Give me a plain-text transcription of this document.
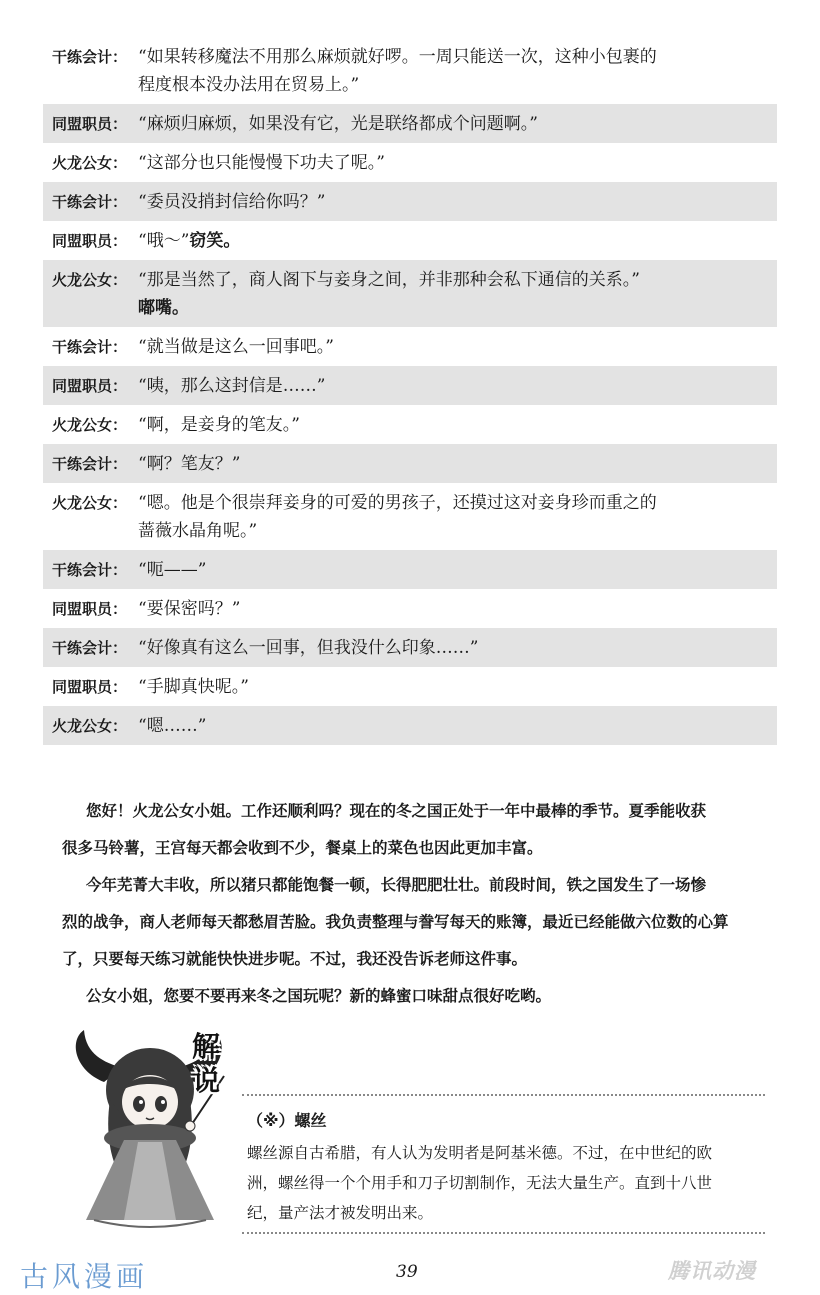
干练会计： “如果转移魔法不用那么麻烦就好啰。一周只能送一次，这种小包裹的
程度根本没办法用在贸易上。”
同盟职员： “麻烦归麻烦，如果没有它，光是联络都成个问题啊。”
火龙公女： “这部分也只能慢慢下功夫了呢。”
干练会计： “委员没捎封信给你吗？”
同盟职员： “哦～”窃笑。
火龙公女： “那是当然了，商人阁下与妾身之间，并非那种会私下通信的关系。”
嘟嘴。
干练会计： “就当做是这么一回事吧。”
同盟职员： “咦，那么这封信是……”
火龙公女： “啊，是妾身的笔友。”
干练会计： “啊？笔友？”
火龙公女： “嗯。他是个很崇拜妾身的可爱的男孩子，还摸过这对妾身珍而重之的
蔷薇水晶角呢。”
干练会计： “呃——”
同盟职员： “要保密吗？”
干练会计： “好像真有这么一回事，但我没什么印象……”
同盟职员： “手脚真快呢。”
火龙公女： “嗯……”

您好！火龙公女小姐。工作还顺利吗？现在的冬之国正处于一年中最棒的季节。夏季能收获

很多马铃薯，王宫每天都会收到不少，餐桌上的菜色也因此更加丰富。

今年芜菁大丰收，所以猪只都能饱餐一顿，长得肥肥壮壮。前段时间，铁之国发生了一场惨

烈的战争，商人老师每天都愁眉苦脸。我负责整理与誊写每天的账簿，最近已经能做六位数的心算

了，只要每天练习就能快快进步呢。不过，我还没告诉老师这件事。

公女小姐，您要不要再来冬之国玩呢？新的蜂蜜口味甜点很好吃哟。

解
说
（※）螺丝
螺丝源自古希腊，有人认为发明者是阿基米德。不过，在中世纪的欧
洲，螺丝得一个个用手和刀子切割制作，无法大量生产。直到十八世
纪，量产法才被发明出来。
古风漫画	39	腾讯动漫
